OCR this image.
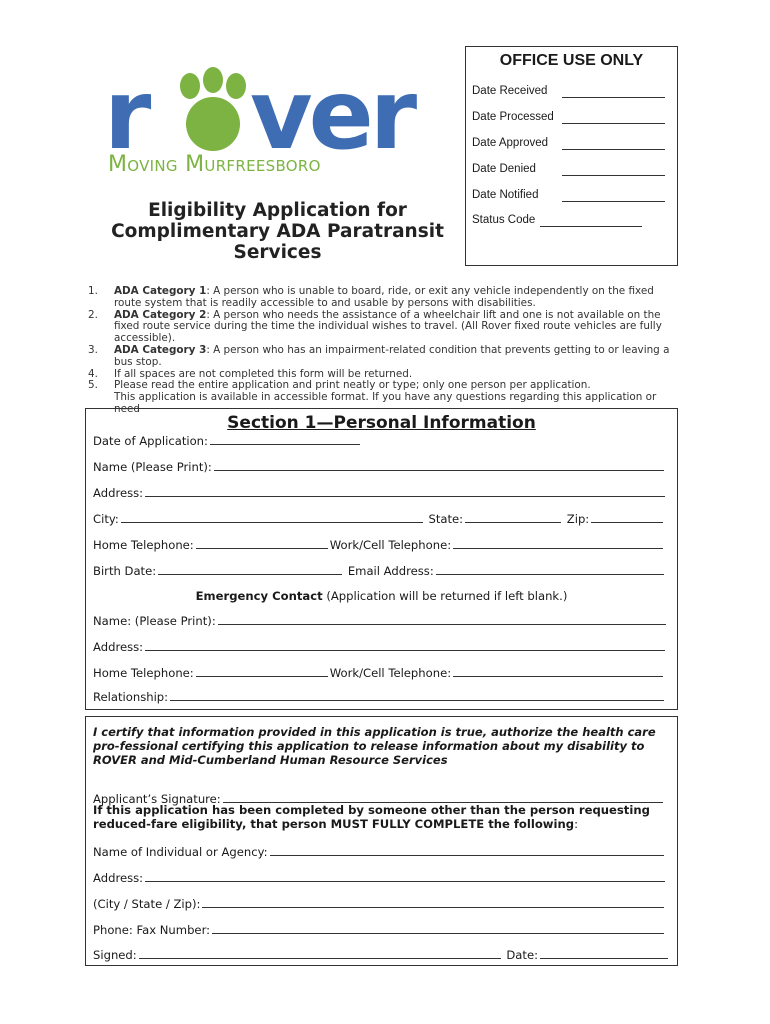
r ver
Moving Murfreesboro
Eligibility Application for
Complimentary ADA Paratransit
Services
OFFICE USE ONLY
Date Received
Date Processed
Date Approved
Date Denied
Date Notified
Status Code
1. ADA Category 1: A person who is unable to board, ride, or exit any vehicle independently on the fixed route system that is readily accessible to and usable by persons with disabilities.
2. ADA Category 2: A person who needs the assistance of a wheelchair lift and one is not available on the fixed route service during the time the individual wishes to travel. (All Rover fixed route vehicles are fully accessible).
3. ADA Category 3: A person who has an impairment-related condition that prevents getting to or leaving a bus stop.
4. If all spaces are not completed this form will be returned.
5. Please read the entire application and print neatly or type; only one person per application.
This application is available in accessible format. If you have any questions regarding this application or need
Section 1—Personal Information
Date of Application:
Name (Please Print):
Address:
City:	State:	Zip:
Home Telephone:	Work/Cell Telephone:
Birth Date:	Email Address:
Emergency Contact (Application will be returned if left blank.)
Name: (Please Print):
Address:
Home Telephone:	Work/Cell Telephone:
Relationship:
I certify that information provided in this application is true, authorize the health care pro-fessional certifying this application to release information about my disability to ROVER and Mid-Cumberland Human Resource Services
Applicant’s Signature:
If this application has been completed by someone other than the person requesting reduced-fare eligibility, that person MUST FULLY COMPLETE the following:
Name of Individual or Agency:
Address:
(City / State / Zip):
Phone: Fax Number:
Signed:	Date:
